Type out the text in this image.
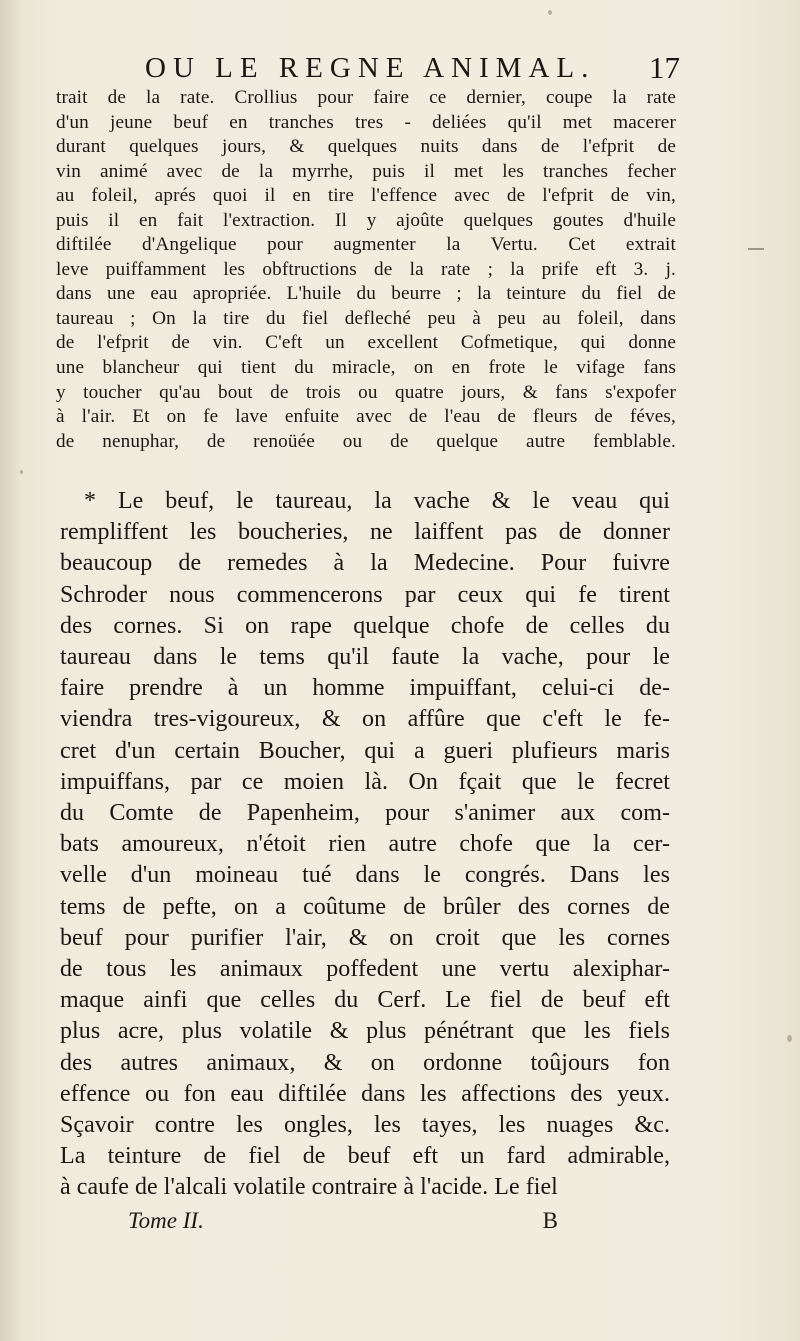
OU LE REGNE ANIMAL. 17
trait de la rate. Crollius pour faire ce dernier, coupe la rate
d'un jeune beuf en tranches tres - deliées qu'il met macerer
durant quelques jours, & quelques nuits dans de l'efprit de
vin animé avec de la myrrhe, puis il met les tranches fecher
au foleil, aprés quoi il en tire l'effence avec de l'efprit de vin,
puis il en fait l'extraction. Il y ajoûte quelques goutes d'huile
diftilée d'Angelique pour augmenter la Vertu. Cet extrait
leve puiffamment les obftructions de la rate ; la prife eft 3. j.
dans une eau apropriée. L'huile du beurre ; la teinture du fiel de
taureau ; On la tire du fiel defleché peu à peu au foleil, dans
de l'efprit de vin. C'eft un excellent Cofmetique, qui donne
une blancheur qui tient du miracle, on en frote le vifage fans
y toucher qu'au bout de trois ou quatre jours, & fans s'expofer
à l'air. Et on fe lave enfuite avec de l'eau de fleurs de féves,
de nenuphar, de renoüée ou de quelque autre femblable.
* Le beuf, le taureau, la vache & le veau qui
rempliffent les boucheries, ne laiffent pas de donner
beaucoup de remedes à la Medecine. Pour fuivre
Schroder nous commencerons par ceux qui fe tirent
des cornes. Si on rape quelque chofe de celles du
taureau dans le tems qu'il faute la vache, pour le
faire prendre à un homme impuiffant, celui-ci de-
viendra tres-vigoureux, & on affûre que c'eft le fe-
cret d'un certain Boucher, qui a gueri plufieurs maris
impuiffans, par ce moien là. On fçait que le fecret
du Comte de Papenheim, pour s'animer aux com-
bats amoureux, n'étoit rien autre chofe que la cer-
velle d'un moineau tué dans le congrés. Dans les
tems de pefte, on a coûtume de brûler des cornes de
beuf pour purifier l'air, & on croit que les cornes
de tous les animaux poffedent une vertu alexiphar-
maque ainfi que celles du Cerf. Le fiel de beuf eft
plus acre, plus volatile & plus pénétrant que les fiels
des autres animaux, & on ordonne toûjours fon
effence ou fon eau diftilée dans les affections des yeux.
Sçavoir contre les ongles, les tayes, les nuages &c.
La teinture de fiel de beuf eft un fard admirable,
à caufe de l'alcali volatile contraire à l'acide. Le fiel
Tome II.	B
